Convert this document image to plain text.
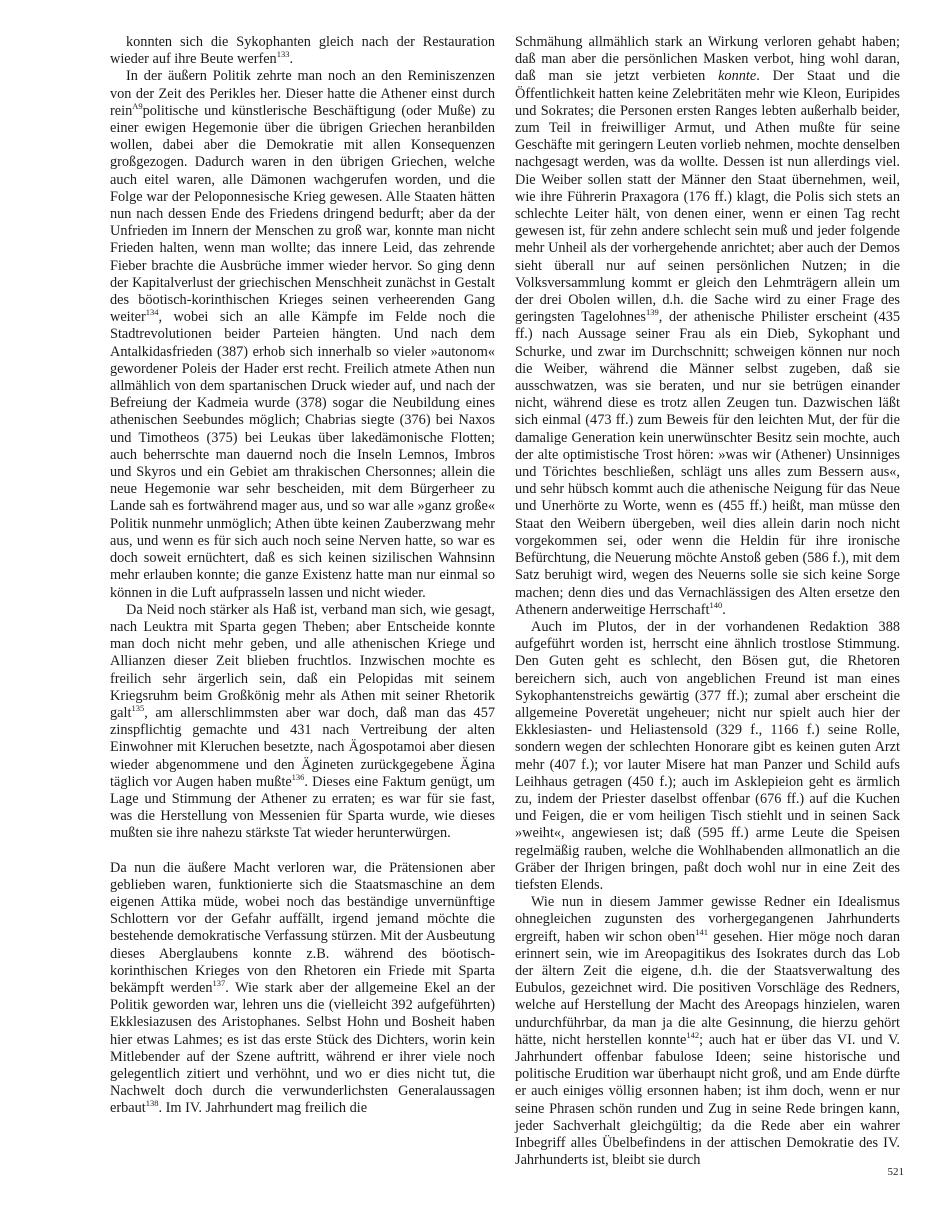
konnten sich die Sykophanten gleich nach der Restauration wieder auf ihre Beute werfen$^{133}$.

In der äußern Politik zehrte man noch an den Reminiszenzen von der Zeit des Perikles her. Dieser hatte die Athener einst durch rein$^{A9}$politische und künstlerische Beschäftigung (oder Muße) zu einer ewigen Hegemonie über die übrigen Griechen heranbilden wollen, dabei aber die Demokratie mit allen Konsequenzen großgezogen. Dadurch waren in den übrigen Griechen, welche auch eitel waren, alle Dämonen wachgerufen worden, und die Folge war der Peloponnesische Krieg gewesen. Alle Staaten hätten nun nach dessen Ende des Friedens dringend bedurft; aber da der Unfrieden im Innern der Menschen zu groß war, konnte man nicht Frieden halten, wenn man wollte; das innere Leid, das zehrende Fieber brachte die Ausbrüche immer wieder hervor. So ging denn der Kapitalverlust der griechischen Menschheit zunächst in Gestalt des böotisch-korinthischen Krieges seinen verheerenden Gang weiter$^{134}$, wobei sich an alle Kämpfe im Felde noch die Stadtrevolutionen beider Parteien hängten. Und nach dem Antalkidasfrieden (387) erhob sich innerhalb so vieler »autonom« gewordener Poleis der Hader erst recht. Freilich atmete Athen nun allmählich von dem spartanischen Druck wieder auf, und nach der Befreiung der Kadmeia wurde (378) sogar die Neubildung eines athenischen Seebundes möglich; Chabrias siegte (376) bei Naxos und Timotheos (375) bei Leukas über lakedämonische Flotten; auch beherrschte man dauernd noch die Inseln Lemnos, Imbros und Skyros und ein Gebiet am thrakischen Chersonnes; allein die neue Hegemonie war sehr bescheiden, mit dem Bürgerheer zu Lande sah es fortwährend mager aus, und so war alle »ganz große« Politik nunmehr unmöglich; Athen übte keinen Zauberzwang mehr aus, und wenn es für sich auch noch seine Nerven hatte, so war es doch soweit ernüchtert, daß es sich keinen sizilischen Wahnsinn mehr erlauben konnte; die ganze Existenz hatte man nur einmal so können in die Luft aufprasseln lassen und nicht wieder.

Da Neid noch stärker als Haß ist, verband man sich, wie gesagt, nach Leuktra mit Sparta gegen Theben; aber Entscheide konnte man doch nicht mehr geben, und alle athenischen Kriege und Allianzen dieser Zeit blieben fruchtlos. Inzwischen mochte es freilich sehr ärgerlich sein, daß ein Pelopidas mit seinem Kriegsruhm beim Großkönig mehr als Athen mit seiner Rhetorik galt$^{135}$, am allerschlimmsten aber war doch, daß man das 457 zinspflichtig gemachte und 431 nach Vertreibung der alten Einwohner mit Kleruchen besetzte, nach Ägospotamoi aber diesen wieder abgenommene und den Ägineten zurückgegebene Ägina täglich vor Augen haben mußte$^{136}$. Dieses eine Faktum genügt, um Lage und Stimmung der Athener zu erraten; es war für sie fast, was die Herstellung von Messenien für Sparta wurde, wie dieses mußten sie ihre nahezu stärkste Tat wieder herunterwürgen.

Da nun die äußere Macht verloren war, die Prätensionen aber geblieben waren, funktionierte sich die Staatsmaschine an dem eigenen Attika müde, wobei noch das beständige unvernünftige Schlottern vor der Gefahr auffällt, irgend jemand möchte die bestehende demokratische Verfassung stürzen. Mit der Ausbeutung dieses Aberglaubens konnte z.B. während des böotisch-korinthischen Krieges von den Rhetoren ein Friede mit Sparta bekämpft werden$^{137}$. Wie stark aber der allgemeine Ekel an der Politik geworden war, lehren uns die (vielleicht 392 aufgeführten) Ekklesiazusen des Aristophanes. Selbst Hohn und Bosheit haben hier etwas Lahmes; es ist das erste Stück des Dichters, worin kein Mitlebender auf der Szene auftritt, während er ihrer viele noch gelegentlich zitiert und verhöhnt, und wo er dies nicht tut, die Nachwelt doch durch die verwunderlichsten Generalaussagen erbaut$^{138}$. Im IV. Jahrhundert mag freilich die

Schmähung allmählich stark an Wirkung verloren gehabt haben; daß man aber die persönlichen Masken verbot, hing wohl daran, daß man sie jetzt verbieten konnte. Der Staat und die Öffentlichkeit hatten keine Zelebritäten mehr wie Kleon, Euripides und Sokrates; die Personen ersten Ranges lebten außerhalb beider, zum Teil in freiwilliger Armut, und Athen mußte für seine Geschäfte mit geringern Leuten vorlieb nehmen, mochte denselben nachgesagt werden, was da wollte. Dessen ist nun allerdings viel. Die Weiber sollen statt der Männer den Staat übernehmen, weil, wie ihre Führerin Praxagora (176 ff.) klagt, die Polis sich stets an schlechte Leiter hält, von denen einer, wenn er einen Tag recht gewesen ist, für zehn andere schlecht sein muß und jeder folgende mehr Unheil als der vorhergehende anrichtet; aber auch der Demos sieht überall nur auf seinen persönlichen Nutzen; in die Volksversammlung kommt er gleich den Lehmträgern allein um der drei Obolen willen, d.h. die Sache wird zu einer Frage des geringsten Tagelohnes$^{139}$, der athenische Philister erscheint (435 ff.) nach Aussage seiner Frau als ein Dieb, Sykophant und Schurke, und zwar im Durchschnitt; schweigen können nur noch die Weiber, während die Männer selbst zugeben, daß sie ausschwatzen, was sie beraten, und nur sie betrügen einander nicht, während diese es trotz allen Zeugen tun. Dazwischen läßt sich einmal (473 ff.) zum Beweis für den leichten Mut, der für die damalige Generation kein unerwünschter Besitz sein mochte, auch der alte optimistische Trost hören: »was wir (Athener) Unsinniges und Törichtes beschließen, schlägt uns alles zum Bessern aus«, und sehr hübsch kommt auch die athenische Neigung für das Neue und Unerhörte zu Worte, wenn es (455 ff.) heißt, man müsse den Staat den Weibern übergeben, weil dies allein darin noch nicht vorgekommen sei, oder wenn die Heldin für ihre ironische Befürchtung, die Neuerung möchte Anstoß geben (586 f.), mit dem Satz beruhigt wird, wegen des Neuerns solle sie sich keine Sorge machen; denn dies und das Vernachlässigen des Alten ersetze den Athenern anderweitige Herrschaft$^{140}$.

Auch im Plutos, der in der vorhandenen Redaktion 388 aufgeführt worden ist, herrscht eine ähnlich trostlose Stimmung. Den Guten geht es schlecht, den Bösen gut, die Rhetoren bereichern sich, auch von angeblichen Freund ist man eines Sykophantenstreichs gewärtig (377 ff.); zumal aber erscheint die allgemeine Poveretät ungeheuer; nicht nur spielt auch hier der Ekklesiasten- und Heliastensold (329 f., 1166 f.) seine Rolle, sondern wegen der schlechten Honorare gibt es keinen guten Arzt mehr (407 f.); vor lauter Misere hat man Panzer und Schild aufs Leihhaus getragen (450 f.); auch im Asklepieion geht es ärmlich zu, indem der Priester daselbst offenbar (676 ff.) auf die Kuchen und Feigen, die er vom heiligen Tisch stiehlt und in seinen Sack »weiht«, angewiesen ist; daß (595 ff.) arme Leute die Speisen regelmäßig rauben, welche die Wohlhabenden allmonatlich an die Gräber der Ihrigen bringen, paßt doch wohl nur in eine Zeit des tiefsten Elends.

Wie nun in diesem Jammer gewisse Redner ein Idealismus ohnegleichen zugunsten des vorhergegangenen Jahrhunderts ergreift, haben wir schon oben$^{141}$ gesehen. Hier möge noch daran erinnert sein, wie im Areopagitikus des Isokrates durch das Lob der ältern Zeit die eigene, d.h. die der Staatsverwaltung des Eubulos, gezeichnet wird. Die positiven Vorschläge des Redners, welche auf Herstellung der Macht des Areopags hinzielen, waren undurchführbar, da man ja die alte Gesinnung, die hierzu gehört hätte, nicht herstellen konnte$^{142}$; auch hat er über das VI. und V. Jahrhundert offenbar fabulose Ideen; seine historische und politische Erudition war überhaupt nicht groß, und am Ende dürfte er auch einiges völlig ersonnen haben; ist ihm doch, wenn er nur seine Phrasen schön runden und Zug in seine Rede bringen kann, jeder Sachverhalt gleichgültig; da die Rede aber ein wahrer Inbegriff alles Übelbefindens in der attischen Demokratie des IV. Jahrhunderts ist, bleibt sie durch

521
